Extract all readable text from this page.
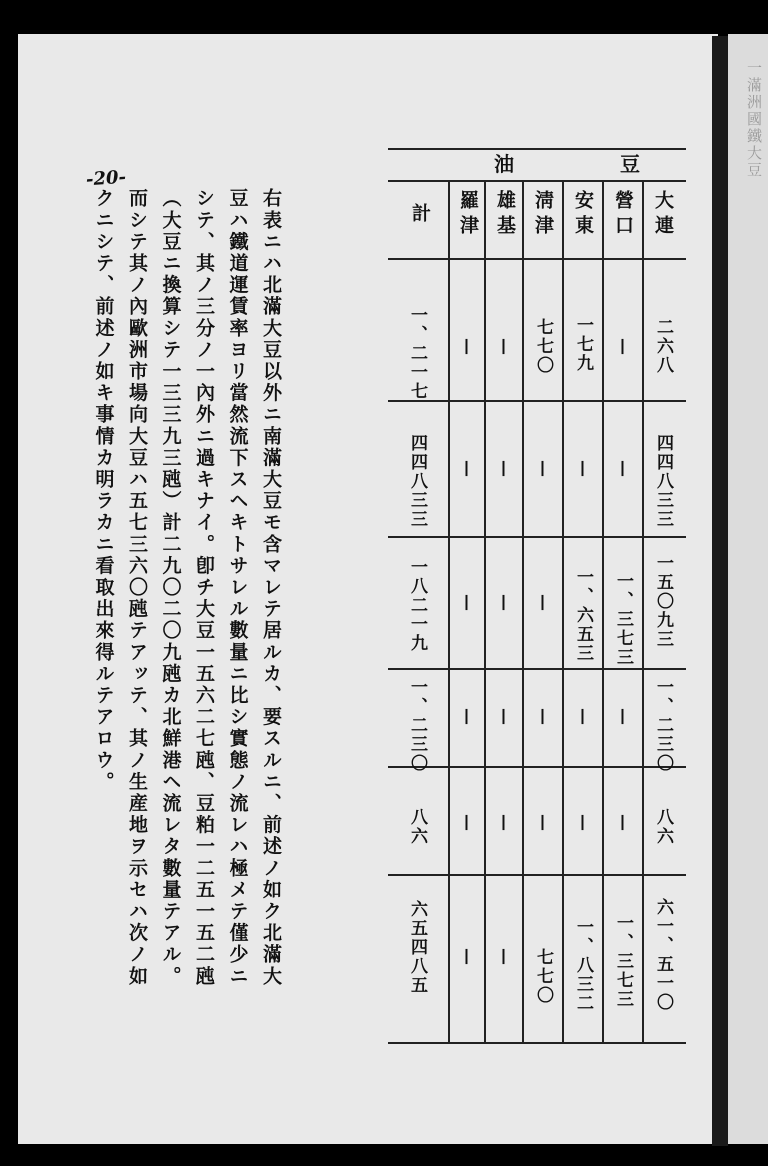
一滿洲國鐵大豆
-20-

右表ニハ北滿大豆以外ニ南滿大豆モ含マレテ居ルカ、要スルニ、前述ノ如ク北滿大豆ハ鐵道運賃率ヨリ當然流下スヘキトサレル數量ニ比シ實態ノ流レハ極メテ僅少ニシテ、其ノ三分ノ一內外ニ過キナイ。卽チ大豆一五六二七瓲、豆粕一二五一五二瓲（大豆ニ換算シテ一三三九三瓲）計二九〇二〇九瓲カ北鮮港ヘ流レタ數量テアル。而シテ其ノ內歐洲市場向大豆ハ五七三六〇瓲テアッテ、其ノ生産地ヲ示セハ次ノ如クニシテ、前述ノ如キ事情カ明ラカニ看取出來得ルテアロウ。

油	豆
大連
營口
安東
淸津
雄基
羅津
計
二六八
—
一七九
七七〇
—
—
一、二一七
四四八三三
—
—
—
—
—
四四八三三
一五〇九三
一、三七三
一、六五三
—
—
—
一八二一九
一、二三〇
—
—
—
—
—
一、二三〇
八六
—
—
—
—
—
八六
六一、五一〇
一、三七三
一、八三二
七七〇
—
—
六五四八五
